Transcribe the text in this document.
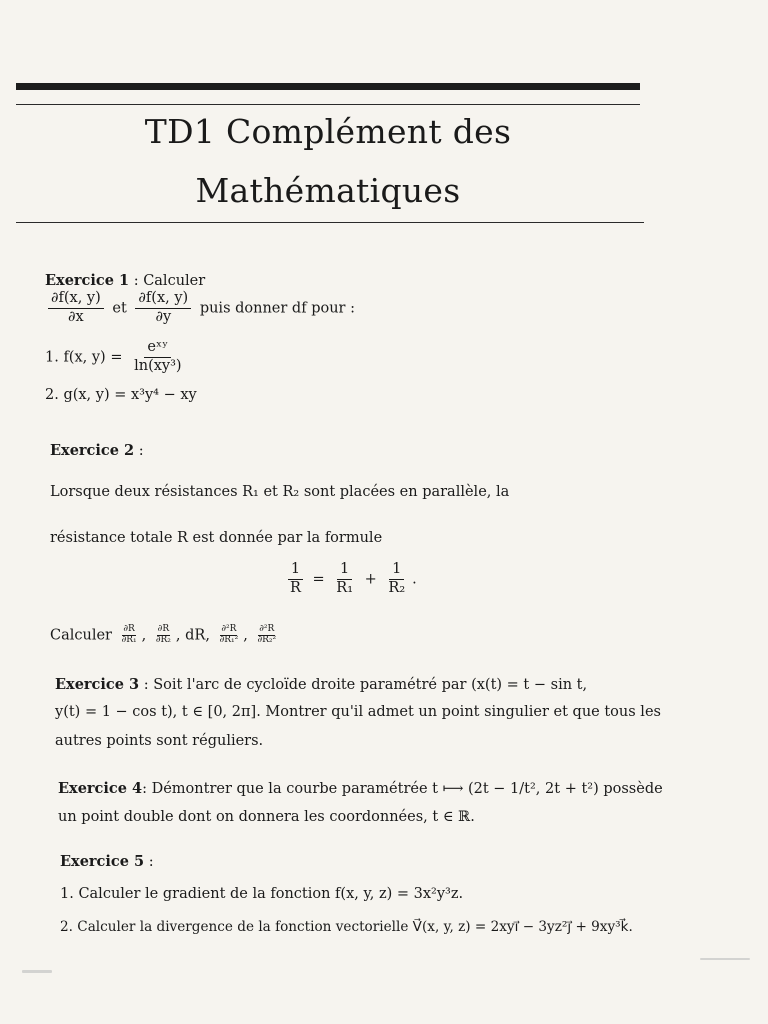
TD1 Complément des
Mathématiques
Exercice 1 : Calculer
$\frac{\partial f(x, y)}{\partial x}$ et $\frac{\partial f(x, y)}{\partial y}$ puis donner df pour :
1. f(x, $y) = \frac{\text{eˣʸ}}{\text{ln(xy³)}}$
2. g(x, y) = x³y⁴ − xy
Exercice 2 :
Lorsque deux résistances R₁ et R₂ sont placées en parallèle, la
résistance totale R est donnée par la formule
$\frac{1}{R} = \frac{1}{\text{R₁}} + \frac{1}{\text{R₂}}$ .
Calculer $\frac{\partial R}{\text{∂R₁}}$ , $\frac{\partial R}{\text{∂R₂}}$ , dR, $\frac{\text{∂²R}}{\text{∂R₁²}}$ , $\frac{\text{∂²R}}{\text{∂R₂²}}$
Exercice 3 : Soit l'arc de cycloïde droite paramétré par (x(t) = t − sin t,
y(t) = 1 − cos t), t ∈ [0, 2π]. Montrer qu'il admet un point singulier et que tous les
autres points sont réguliers.
Exercice 4: Démontrer que la courbe paramétrée t ⟼ (2t − 1/t², 2t + t²) possède
un point double dont on donnera les coordonnées, t ∈ ℝ.
Exercice 5 :
1. Calculer le gradient de la fonction f(x, y, z) = 3x²y³z.
2. Calculer la divergence de la fonction vectorielle V⃗(x, y, z) = 2xyi⃗ − 3yz²j⃗ + 9xy³k⃗.
